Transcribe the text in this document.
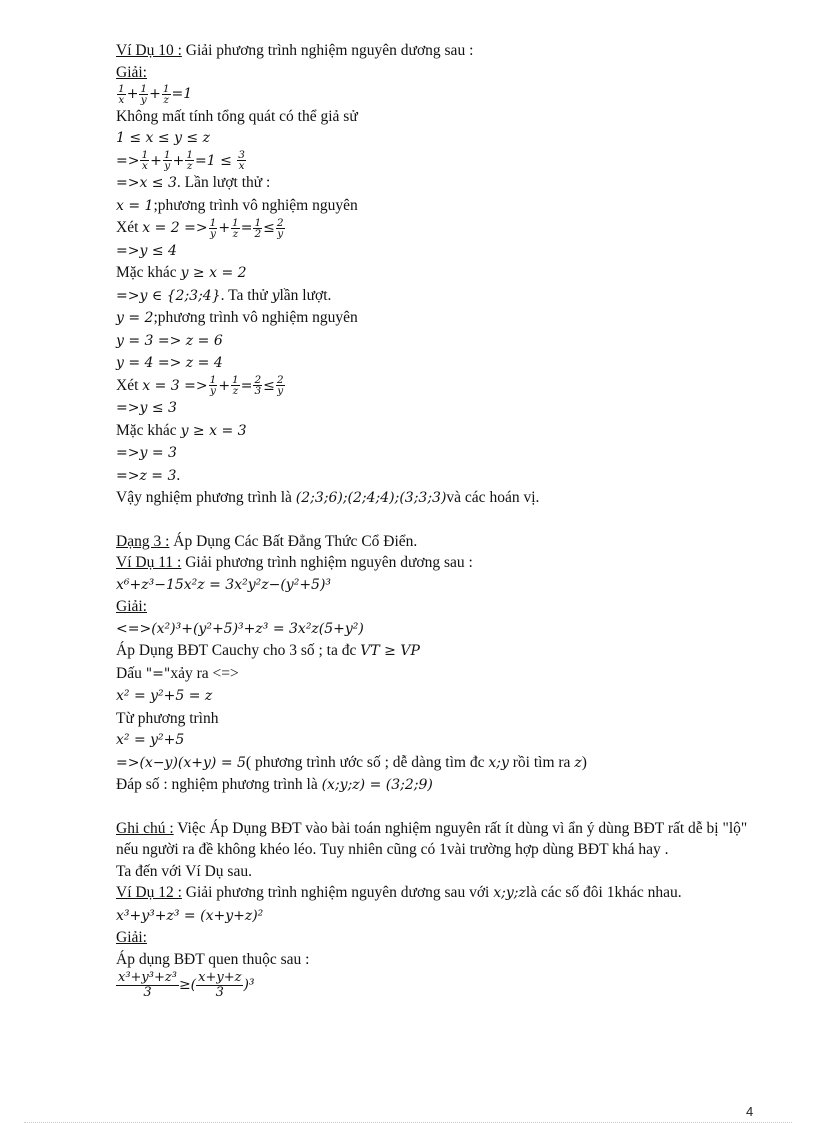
Ví Dụ 10 : Giải phương trình nghiệm nguyên dương sau :
Giải:
$\frac{1}{x} + \frac{1}{y} + \frac{1}{z} =1$
Không mất tính tổng quát có thể giả sử
1 ≤ x ≤ y ≤ z
=> $\frac{1}{x} + \frac{1}{y} + \frac{1}{z} =1 \le \frac{3}{x}$
=>x ≤ 3. Lần lượt thử :
x = 1;phương trình vô nghiệm nguyên
Xét $x = 2 => \frac{1}{y} + \frac{1}{z} = \frac{1}{2} \le \frac{2}{y}$
=>y ≤ 4
Mặc khác y ≥ x = 2
=>y ∈ {2;3;4}. Ta thử ylần lượt.
y = 2;phương trình vô nghiệm nguyên
y = 3 => z = 6
y = 4 => z = 4
Xét $x = 3 => \frac{1}{y} + \frac{1}{z} = \frac{2}{3} \le \frac{2}{y}$
=>y ≤ 3
Mặc khác y ≥ x = 3
=>y = 3
=>z = 3.
Vậy nghiệm phương trình là (2;3;6);(2;4;4);(3;3;3)và các hoán vị.
Dạng 3 : Áp Dụng Các Bất Đẳng Thức Cổ Điển.
Ví Dụ 11 : Giải phương trình nghiệm nguyên dương sau :
x⁶+z³−15x²z = 3x²y²z−(y²+5)³
Giải:
<=>(x²)³+(y²+5)³+z³ = 3x²z(5+y²)
Áp Dụng BĐT Cauchy cho 3 số ; ta đc VT ≥ VP
Dấu "="xảy ra <=>
x² = y²+5 = z
Từ phương trình
x² = y²+5
=>(x−y)(x+y) = 5( phương trình ước số ; dễ dàng tìm đc x;y rồi tìm ra z)
Đáp số : nghiệm phương trình là (x;y;z) = (3;2;9)
Ghi chú : Việc Áp Dụng BĐT vào bài toán nghiệm nguyên rất ít dùng vì ẩn ý dùng BĐT rất dễ bị "lộ" nếu người ra đề không khéo léo. Tuy nhiên cũng có 1vài trường hợp dùng BĐT khá hay .
Ta đến với Ví Dụ sau.
Ví Dụ 12 : Giải phương trình nghiệm nguyên dương sau với x;y;zlà các số đôi 1khác nhau.
x³+y³+z³ = (x+y+z)²
Giải:
Áp dụng BĐT quen thuộc sau :
$\frac{\text{x³+y³+z³}}{3}$ ≥( $\frac{x+y+z}{3} )^3$
4
